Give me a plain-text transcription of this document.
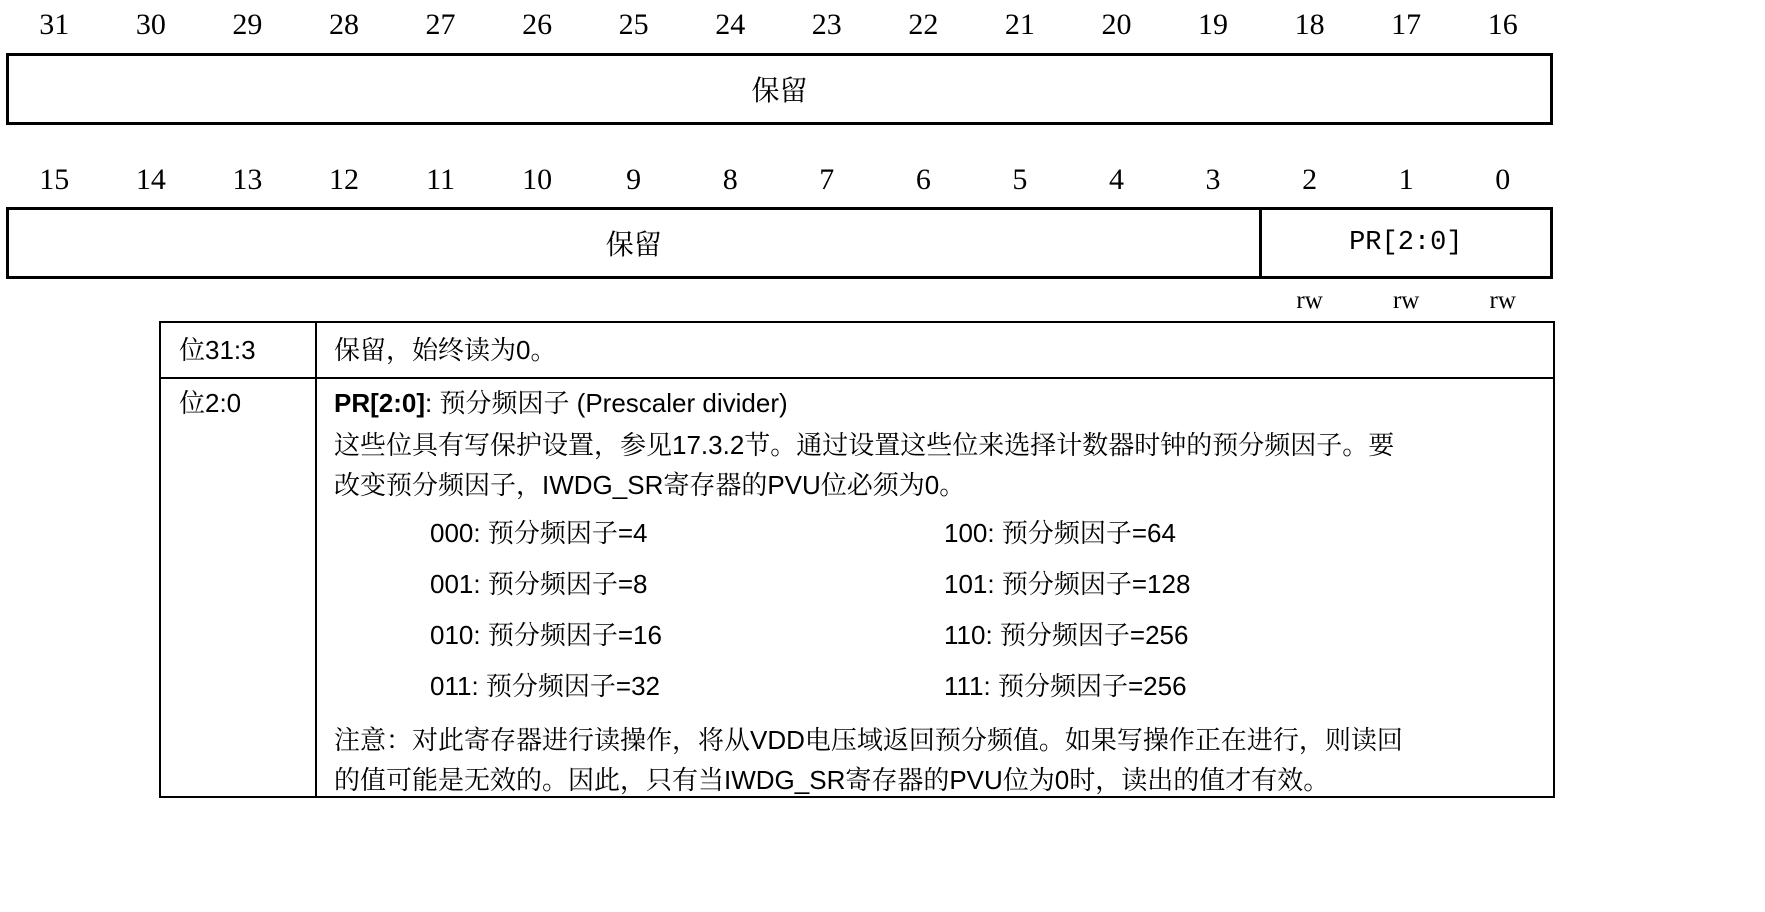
31	30	29	28	27	26	25	24	23	22	21	20	19	18	17	16
保留
15	14	13	12	11	10	9	8	7	6	5	4	3	2	1	0
保留	PR[2:0]
rw	rw	rw
位31:3	保留，始终读为0。
位2:0	PR[2:0]: 预分频因子 (Prescaler divider)
这些位具有写保护设置，参见17.3.2节。通过设置这些位来选择计数器时钟的预分频因子。要
改变预分频因子，IWDG_SR寄存器的PVU位必须为0。
000: 预分频因子=4
001: 预分频因子=8
010: 预分频因子=16
011: 预分频因子=32
100: 预分频因子=64
101: 预分频因子=128
110: 预分频因子=256
111: 预分频因子=256
注意：对此寄存器进行读操作，将从VDD电压域返回预分频值。如果写操作正在进行，则读回
的值可能是无效的。因此，只有当IWDG_SR寄存器的PVU位为0时，读出的值才有效。
